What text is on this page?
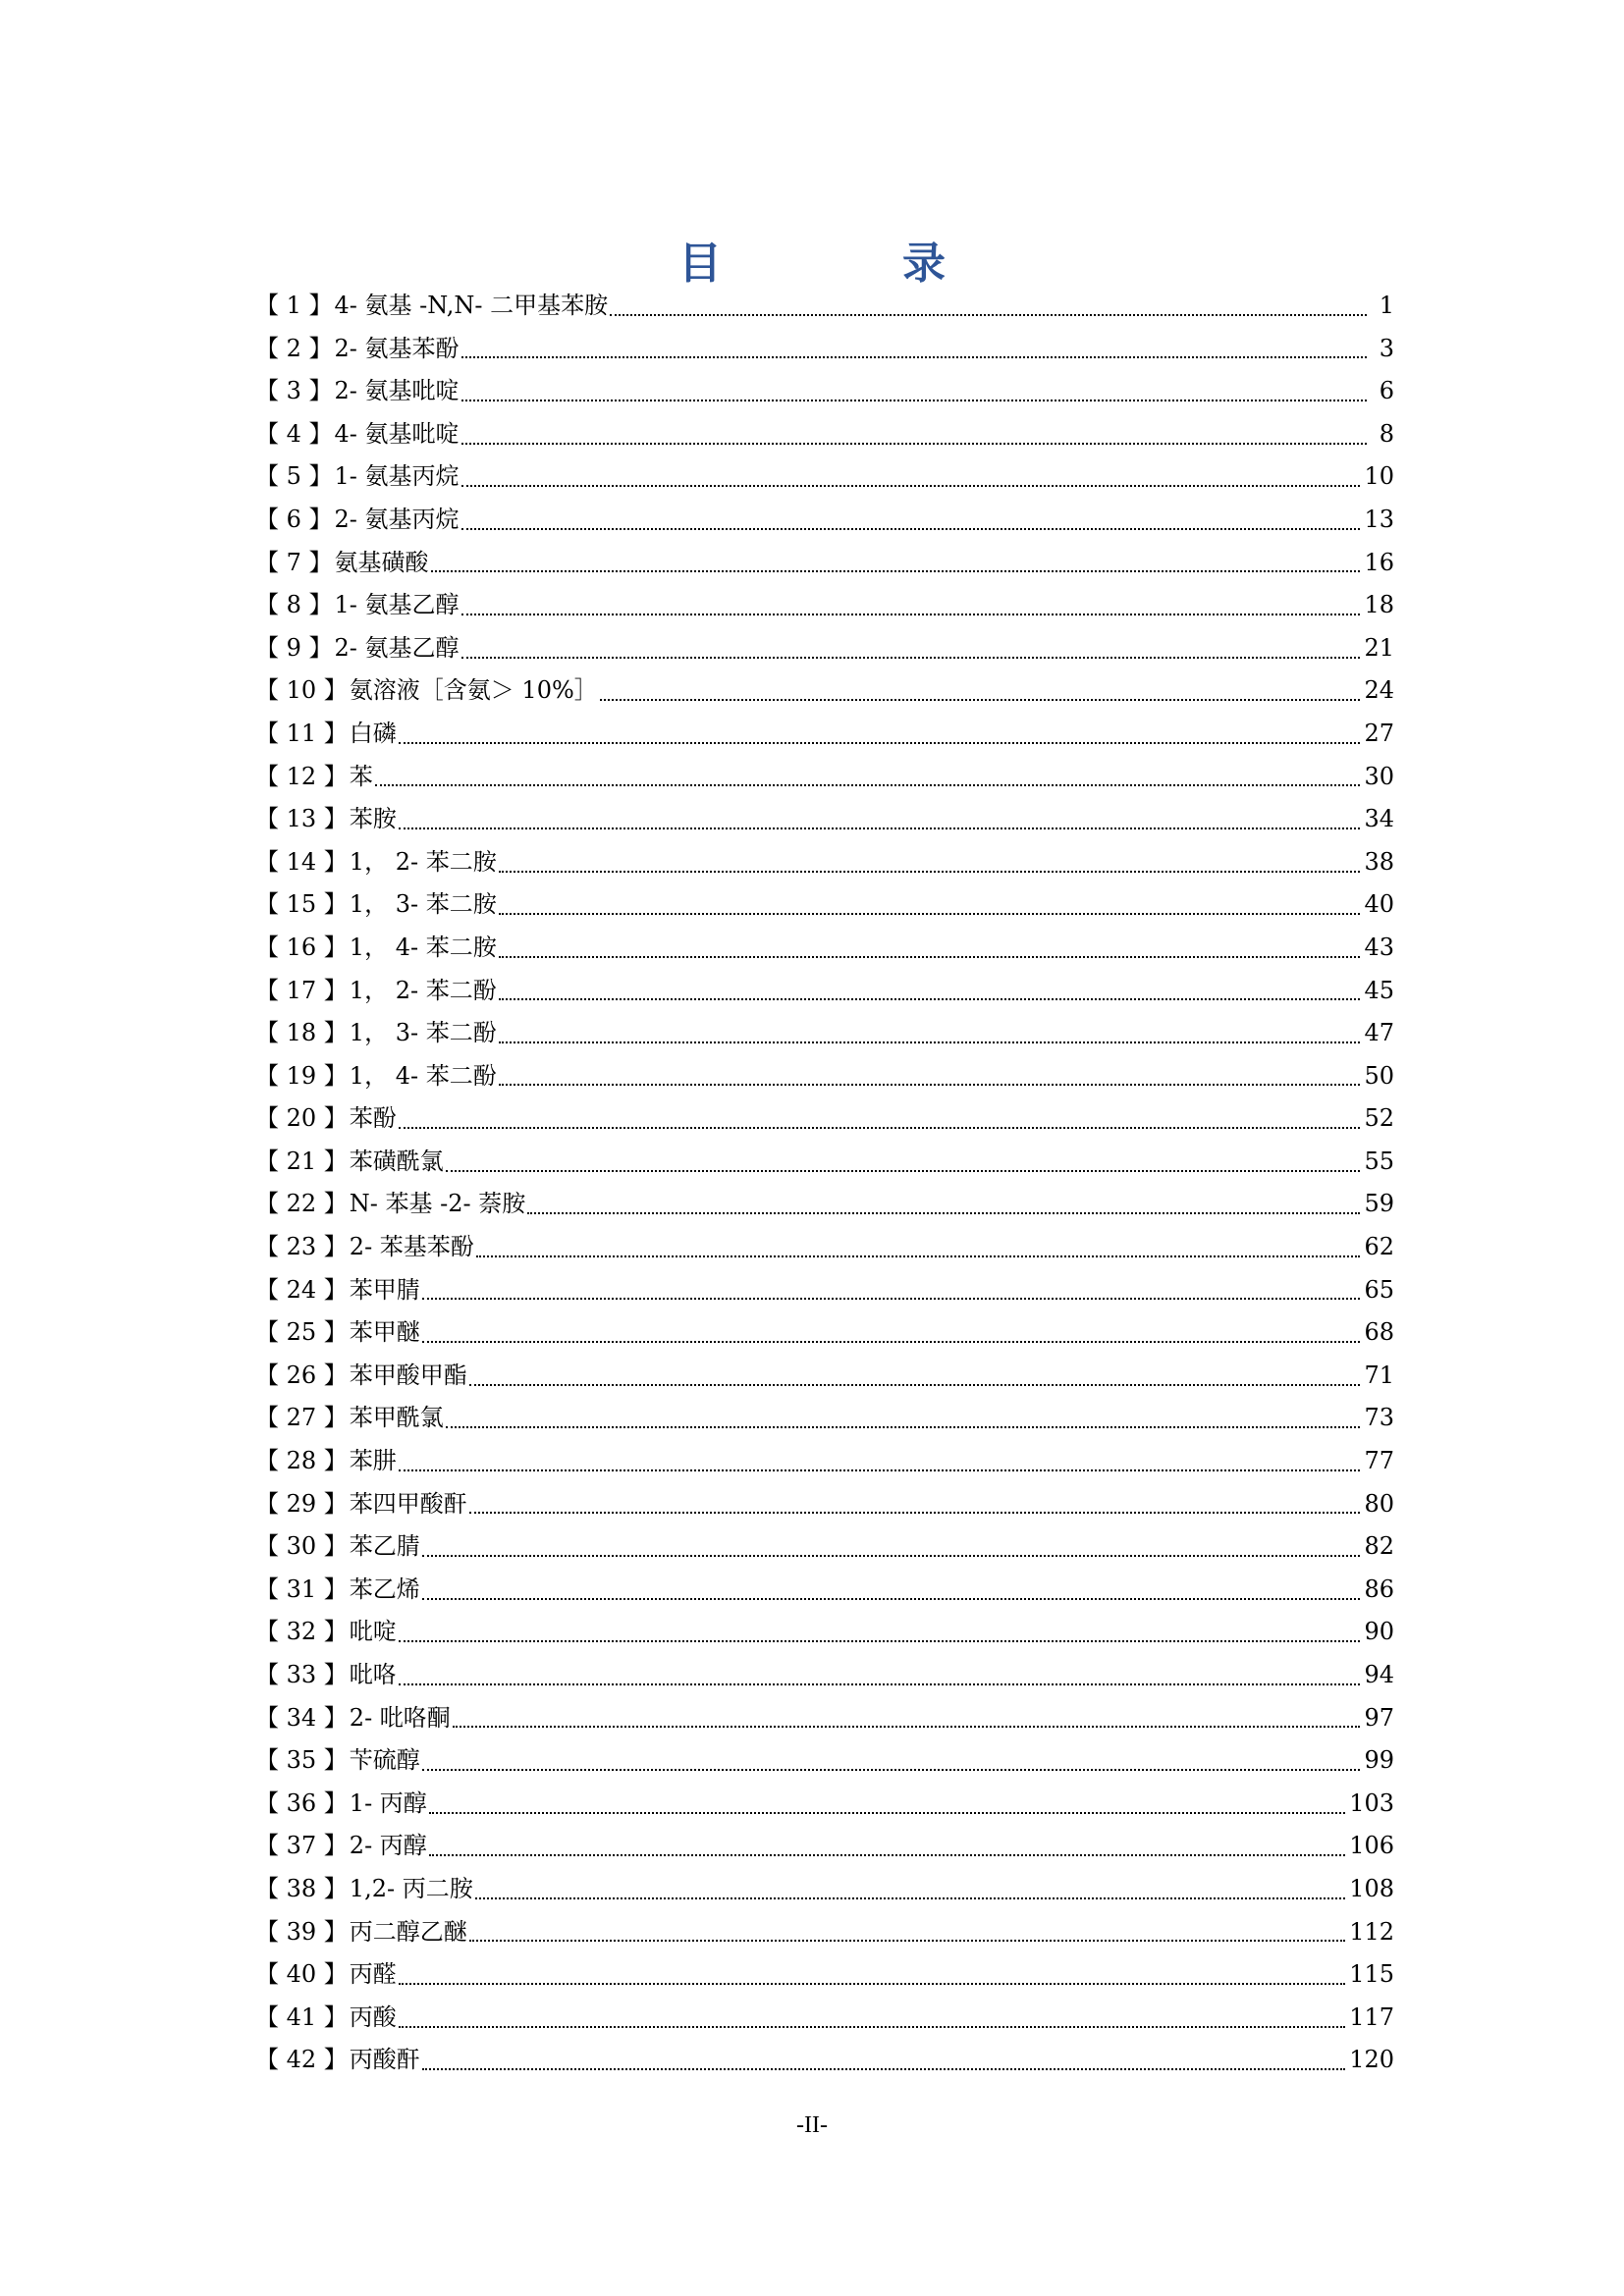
目　录
【 1 】 4- 氨基 -N,N- 二甲基苯胺	1
【 2 】 2- 氨基苯酚	3
【 3 】 2- 氨基吡啶	6
【 4 】 4- 氨基吡啶	8
【 5 】 1- 氨基丙烷	10
【 6 】 2- 氨基丙烷	13
【 7 】 氨基磺酸	16
【 8 】 1- 氨基乙醇	18
【 9 】 2- 氨基乙醇	21
【 10 】 氨溶液［含氨＞ 10%］	24
【 11 】 白磷	27
【 12 】 苯	30
【 13 】 苯胺	34
【 14 】 1， 2- 苯二胺	38
【 15 】 1， 3- 苯二胺	40
【 16 】 1， 4- 苯二胺	43
【 17 】 1， 2- 苯二酚	45
【 18 】 1， 3- 苯二酚	47
【 19 】 1， 4- 苯二酚	50
【 20 】 苯酚	52
【 21 】 苯磺酰氯	55
【 22 】 N- 苯基 -2- 萘胺	59
【 23 】 2- 苯基苯酚	62
【 24 】 苯甲腈	65
【 25 】 苯甲醚	68
【 26 】 苯甲酸甲酯	71
【 27 】 苯甲酰氯	73
【 28 】 苯肼	77
【 29 】 苯四甲酸酐	80
【 30 】 苯乙腈	82
【 31 】 苯乙烯	86
【 32 】 吡啶	90
【 33 】 吡咯	94
【 34 】 2- 吡咯酮	97
【 35 】 苄硫醇	99
【 36 】 1- 丙醇	103
【 37 】 2- 丙醇	106
【 38 】 1,2- 丙二胺	108
【 39 】 丙二醇乙醚	112
【 40 】 丙醛	115
【 41 】 丙酸	117
【 42 】 丙酸酐	120
-II-
